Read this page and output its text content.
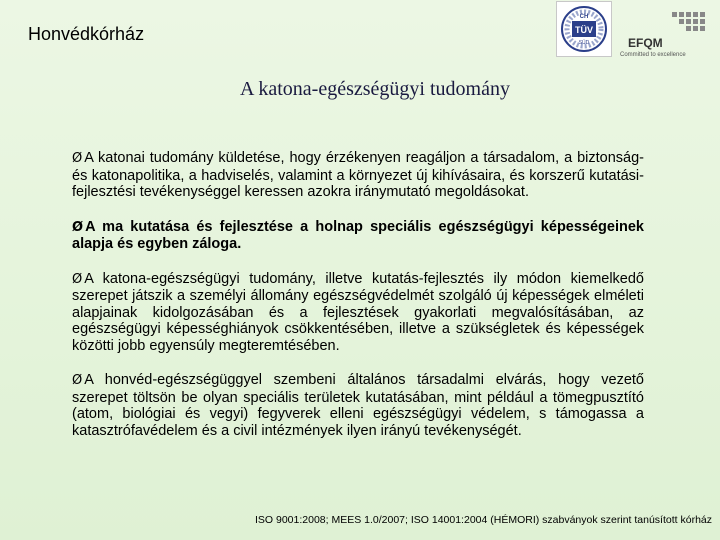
Honvédkórház
CH
TÜV
SÜD	EFQM
Committed to excellence
A katona-egészségügyi tudomány

Ø A katonai tudomány küldetése, hogy érzékenyen reagáljon a társadalom, a biztonság- és katonapolitika, a hadviselés, valamint a környezet új kihívásaira, és korszerű kutatási-fejlesztési tevékenységgel keressen azokra iránymutató megoldásokat.

Ø A ma kutatása és fejlesztése a holnap speciális egészségügyi képességeinek alapja és egyben záloga.

Ø A katona-egészségügyi tudomány, illetve kutatás-fejlesztés ily módon kiemelkedő szerepet játszik a személyi állomány egészségvédelmét szolgáló új képességek elméleti alapjainak kidolgozásában és a fejlesztések gyakorlati megvalósításában, az egészségügyi képességhiányok csökkentésében, illetve a szükségletek és képességek közötti jobb egyensúly megteremtésében.

Ø A honvéd-egészségüggyel szembeni általános társadalmi elvárás, hogy vezető szerepet töltsön be olyan speciális területek kutatásában, mint például a tömegpusztító (atom, biológiai és vegyi) fegyverek elleni egészségügyi védelem, s támogassa a katasztrófavédelem és a civil intézmények ilyen irányú tevékenységét.

ISO 9001:2008; MEES 1.0/2007; ISO 14001:2004 (HÉMORI) szabványok szerint tanúsított kórház
